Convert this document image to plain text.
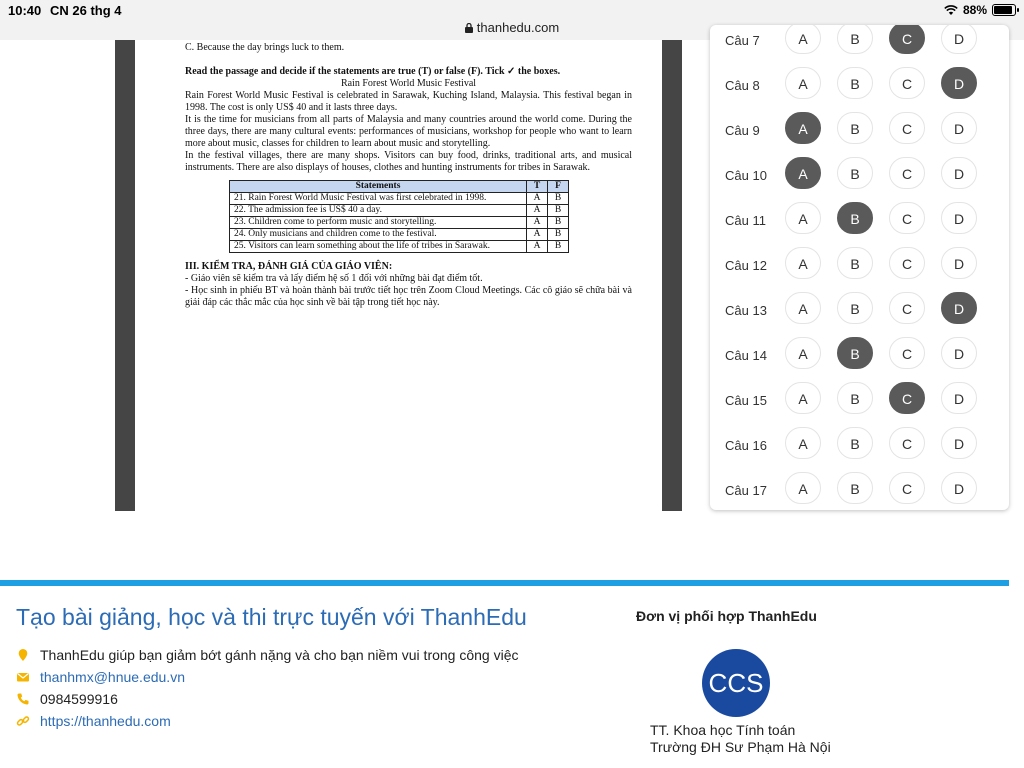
10:40 CN 26 thg 4
thanhedu.com
88%

C. Because the day brings luck to them.

Read the passage and decide if the statements are true (T) or false (F). Tick ✓ the boxes.

Rain Forest World Music Festival

Rain Forest World Music Festival is celebrated in Sarawak, Kuching Island, Malaysia. This festival began in 1998. The cost is only US$ 40 and it lasts three days.

It is the time for musicians from all parts of Malaysia and many countries around the world come. During the three days, there are many cultural events: performances of musicians, workshop for people who want to learn more about music, classes for children to learn about music and storytelling.

In the festival villages, there are many shops. Visitors can buy food, drinks, traditional arts, and musical instruments. There are also displays of houses, clothes and hunting instruments for tribes in Sarawak.

Statements	T	F
21. Rain Forest World Music Festival was first celebrated in 1998.	A	B
22. The admission fee is US$ 40 a day.	A	B
23. Children come to perform music and storytelling.	A	B
24. Only musicians and children come to the festival.	A	B
25. Visitors can learn something about the life of tribes in Sarawak.	A	B

III. KIỂM TRA, ĐÁNH GIÁ CỦA GIÁO VIÊN:

- Giáo viên sẽ kiểm tra và lấy điểm hệ số 1 đối với những bài đạt điểm tốt.

- Học sinh in phiếu BT và hoàn thành bài trước tiết học trên Zoom Cloud Meetings. Các cô giáo sẽ chữa bài và giải đáp các thắc mắc của học sinh về bài tập trong tiết học này.

Câu 7	A	B	C	D
Câu 8	A	B	C	D
Câu 9	A	B	C	D
Câu 10	A	B	C	D
Câu 11	A	B	C	D
Câu 12	A	B	C	D
Câu 13	A	B	C	D
Câu 14	A	B	C	D
Câu 15	A	B	C	D
Câu 16	A	B	C	D
Câu 17	A	B	C	D
Tạo bài giảng, học và thi trực tuyến với ThanhEdu
ThanhEdu giúp bạn giảm bớt gánh nặng và cho bạn niềm vui trong công việc
thanhmx@hnue.edu.vn
0984599916
https://thanhedu.com
Đơn vị phối hợp ThanhEdu
CCS
TT. Khoa học Tính toán
Trường ĐH Sư Phạm Hà Nội
